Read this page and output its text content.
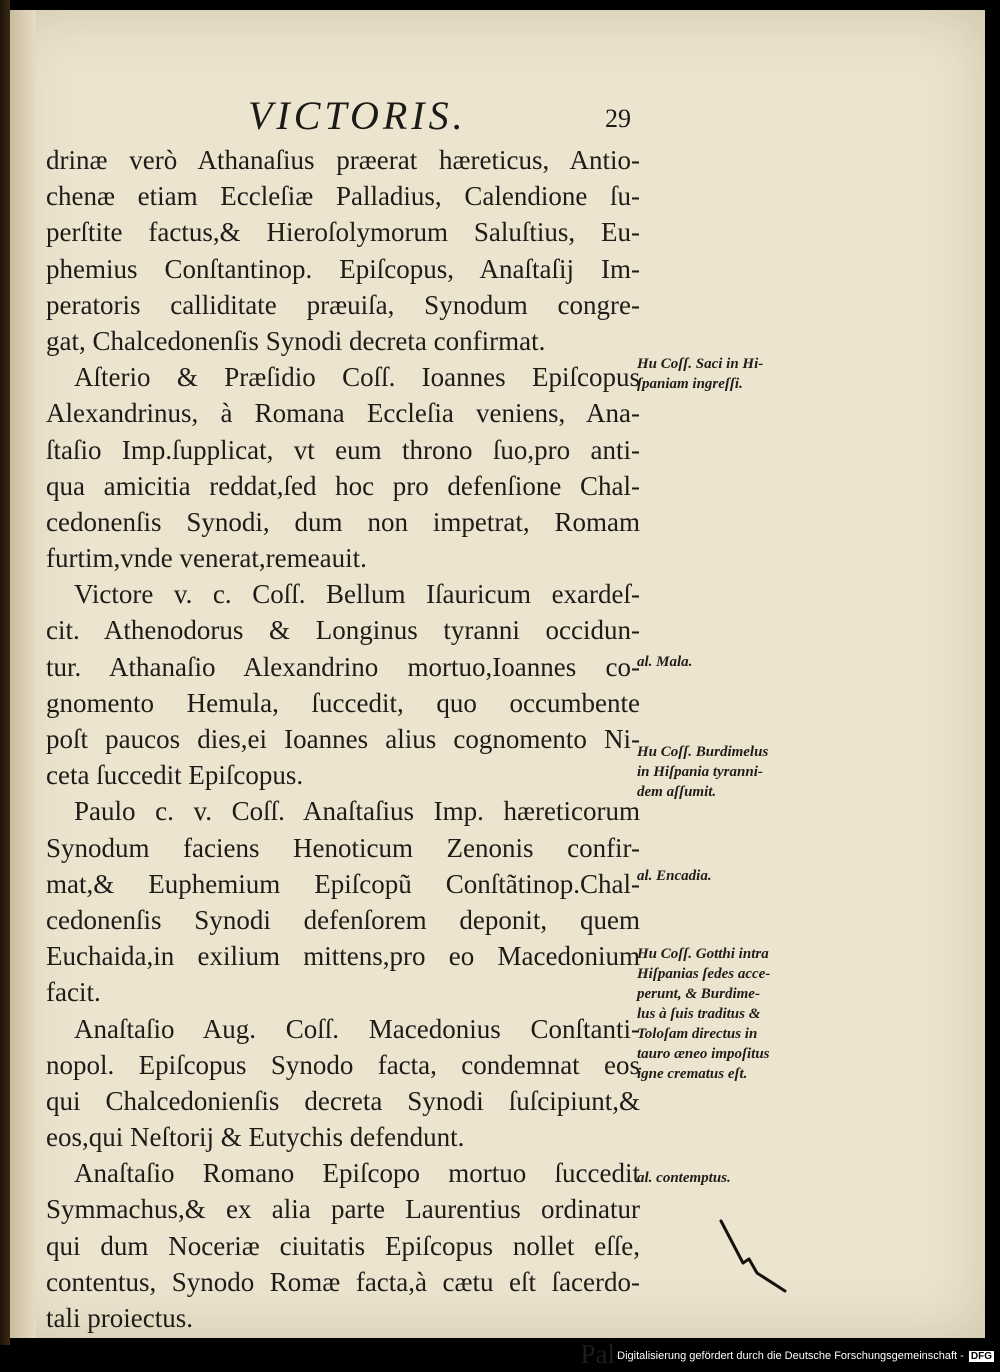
VICTORIS.	29
drinæ verò Athanaſius præerat hæreticus, Antio-
chenæ etiam Eccleſiæ Palladius, Calendione ſu-
perſtite factus,& Hieroſolymorum Saluſtius, Eu-
phemius Conſtantinop. Epiſcopus, Anaſtaſij Im-
peratoris calliditate præuiſa, Synodum congre-
gat, Chalcedonenſis Synodi decreta confirmat.
Aſterio & Præſidio Coſſ. Ioannes Epiſcopus
Alexandrinus, à Romana Eccleſia veniens, Ana-
ſtaſio Imp.ſupplicat, vt eum throno ſuo,pro anti-
qua amicitia reddat,ſed hoc pro defenſione Chal-
cedonenſis Synodi, dum non impetrat, Romam
furtim,vnde venerat,remeauit.
Victore v. c. Coſſ. Bellum Iſauricum exardeſ-
cit. Athenodorus & Longinus tyranni occidun-
tur. Athanaſio Alexandrino mortuo,Ioannes co-
gnomento Hemula, ſuccedit, quo occumbente
poſt paucos dies,ei Ioannes alius cognomento Ni-
ceta ſuccedit Epiſcopus.
Paulo c. v. Coſſ. Anaſtaſius Imp. hæreticorum
Synodum faciens Henoticum Zenonis confir-
mat,& Euphemium Epiſcopũ Conſtãtinop.Chal-
cedonenſis Synodi defenſorem deponit, quem
Euchaida,in exilium mittens,pro eo Macedonium
facit.
Anaſtaſio Aug. Coſſ. Macedonius Conſtanti-
nopol. Epiſcopus Synodo facta, condemnat eos
qui Chalcedonienſis decreta Synodi ſuſcipiunt,&
eos,qui Neſtorij & Eutychis defendunt.
Anaſtaſio Romano Epiſcopo mortuo ſuccedit
Symmachus,& ex alia parte Laurentius ordinatur
qui dum Noceriæ ciuitatis Epiſcopus nollet eſſe,
contentus, Synodo Romæ facta,à cætu eſt ſacerdo-
tali proiectus.
Pal-
Hu Coſſ. Saci in Hi-
ſpaniam ingreſſi.
al. Mala.
Hu Coſſ. Burdimelus
in Hiſpania tyranni-
dem aſſumit.
al. Encadia.
Hu Coſſ. Gotthi intra
Hiſpanias ſedes acce-
perunt, & Burdime-
lus à ſuis traditus &
Toloſam directus in
tauro æneo impoſitus
igne crematus eſt.
al. contemptus.
Digitalisierung gefördert durch die Deutsche Forschungsgemeinschaft - DFG
